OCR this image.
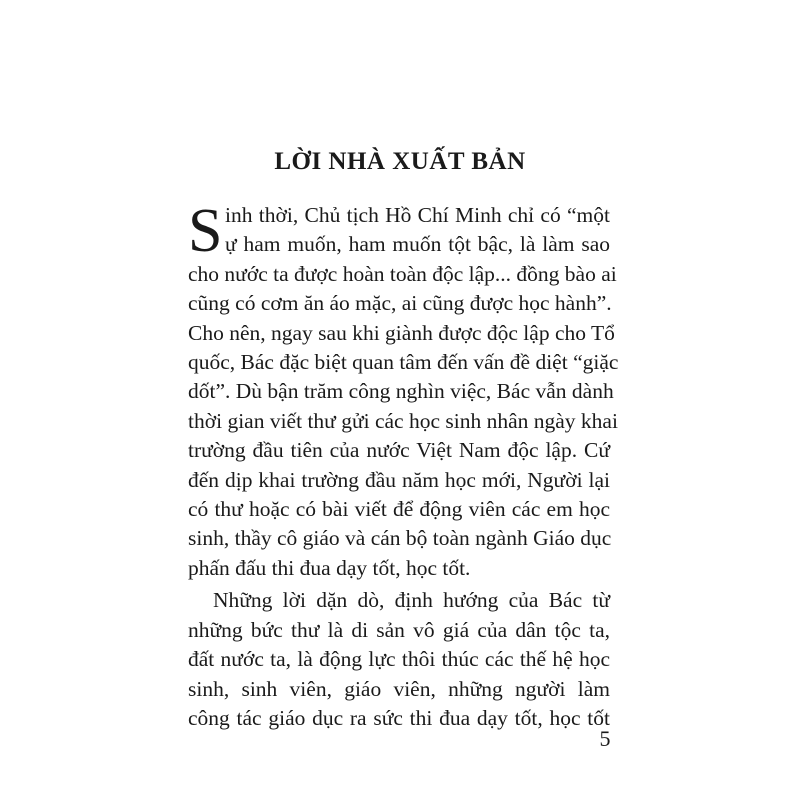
LỜI NHÀ XUẤT BẢN
S inh thời, Chủ tịch Hồ Chí Minh chỉ có “một
ự ham muốn, ham muốn tột bậc, là làm sao
cho nước ta được hoàn toàn độc lập... đồng bào ai
cũng có cơm ăn áo mặc, ai cũng được học hành”.
Cho nên, ngay sau khi giành được độc lập cho Tổ
quốc, Bác đặc biệt quan tâm đến vấn đề diệt “giặc
dốt”. Dù bận trăm công nghìn việc, Bác vẫn dành
thời gian viết thư gửi các học sinh nhân ngày khai
trường đầu tiên của nước Việt Nam độc lập. Cứ
đến dịp khai trường đầu năm học mới, Người lại
có thư hoặc có bài viết để động viên các em học
sinh, thầy cô giáo và cán bộ toàn ngành Giáo dục
phấn đấu thi đua dạy tốt, học tốt.
Những lời dặn dò, định hướng của Bác từ
những bức thư là di sản vô giá của dân tộc ta,
đất nước ta, là động lực thôi thúc các thế hệ học
sinh, sinh viên, giáo viên, những người làm
công tác giáo dục ra sức thi đua dạy tốt, học tốt
5
